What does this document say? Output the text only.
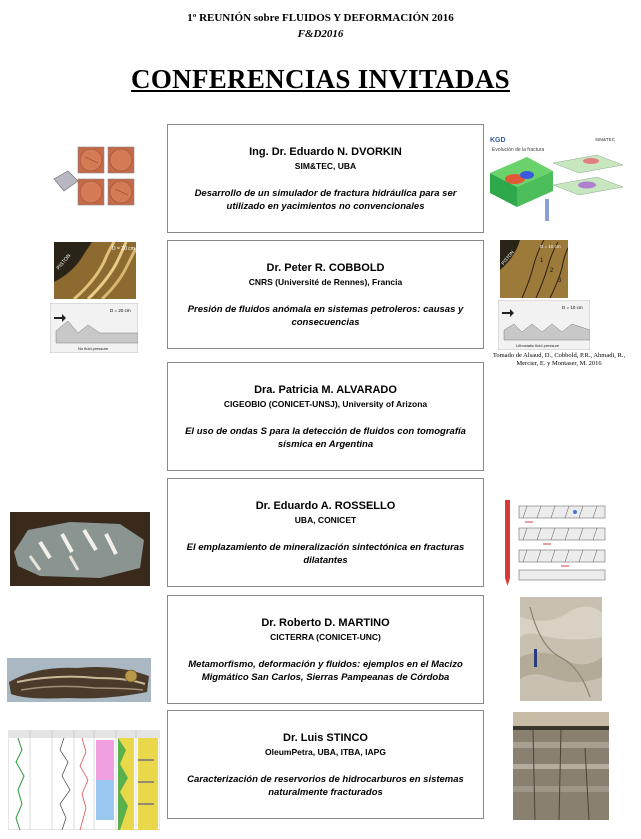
1º REUNIÓN sobre FLUIDOS Y DEFORMACIÓN 2016
F&D2016
CONFERENCIAS INVITADAS
Ing. Dr. Eduardo N. DVORKIN
SIM&TEC, UBA
Desarrollo de un simulador de fractura hidráulica para ser utilizado en yacimientos no convencionales
Dr. Peter R. COBBOLD
CNRS (Université de Rennes), Francia
Presión de fluidos anómala en sistemas petroleros: causas y consecuencias
Dra. Patricia M. ALVARADO
CIGEOBIO (CONICET-UNSJ), University of Arizona
El uso de ondas S para la detección de fluidos con tomografía sísmica en Argentina
Dr. Eduardo A. ROSSELLO
UBA, CONICET
El emplazamiento de mineralización sintectónica en fracturas dilatantes
Dr. Roberto D. MARTINO
CICTERRA (CONICET-UNC)
Metamorfismo, deformación y fluidos: ejemplos en el Macizo Migmático San Carlos, Sierras Pampeanas de Córdoba
Dr. Luis STINCO
OleumPetra, UBA, ITBA, IAPG
Caracterización de reservorios de hidrocarburos en sistemas naturalmente fracturados
KGD	SIM&TEC
Evolución de la fractura
PISTON
D = 20 cm
D = 20 cm
No fluid pressure
PISTON
D = 10 cm
1
2
3
D = 10 cm
Lithostatic fluid pressure
Tomado de Alsaud, D., Cobbold, P.R., Ahmadi, R., Mercier, E. y Montaser, M. 2016
